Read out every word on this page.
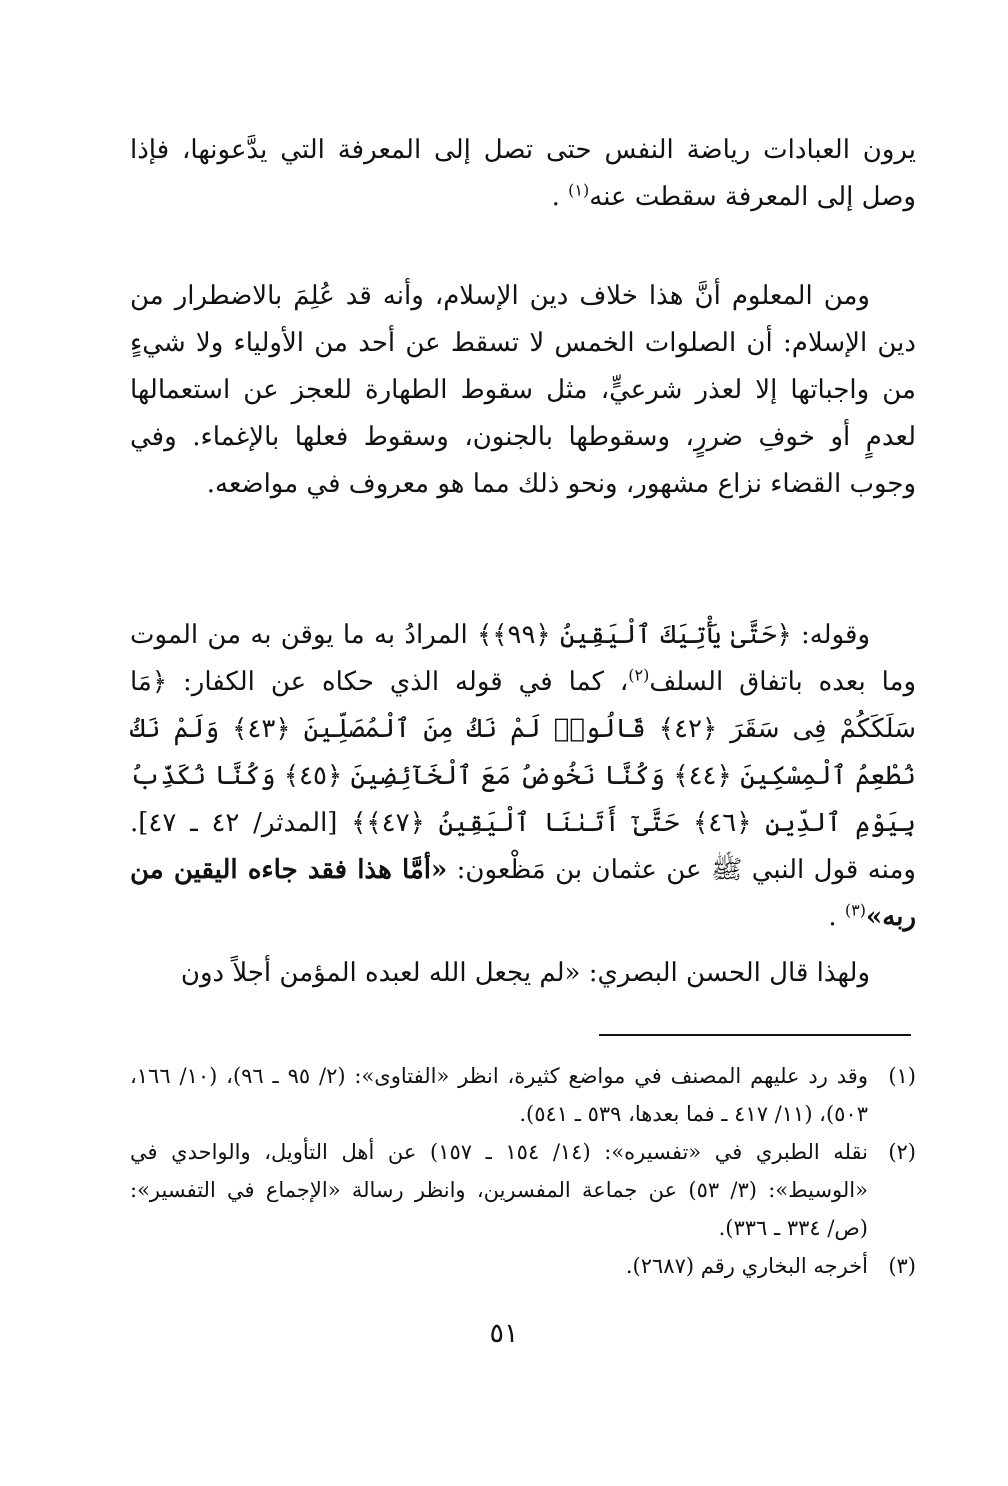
يرون العبادات رياضة النفس حتى تصل إلى المعرفة التي يدَّعونها، فإذا وصل إلى المعرفة سقطت عنه$^{(١)}$ .
ومن المعلوم أنَّ هذا خلاف دين الإسلام، وأنه قد عُلِمَ بالاضطرار من دين الإسلام: أن الصلوات الخمس لا تسقط عن أحد من الأولياء ولا شيءٍ من واجباتها إلا لعذر شرعيٍّ، مثل سقوط الطهارة للعجز عن استعمالها لعدمٍ أو خوفِ ضررٍ، وسقوطها بالجنون، وسقوط فعلها بالإغماء. وفي وجوب القضاء نزاع مشهور، ونحو ذلك مما هو معروف في مواضعه.
وقوله: ﴿حَتَّىٰ يَأْتِيَكَ ٱلْيَقِينُ ﴿٩٩﴾﴾ المرادُ به ما يوقن به من الموت وما بعده باتفاق السلف$^{(٢)}$، كما في قوله الذي حكاه عن الكفار: ﴿مَا سَلَكَكُمْ فِى سَقَرَ ﴿٤٢﴾ قَالُوا۟ لَمْ نَكُ مِنَ ٱلْمُصَلِّينَ ﴿٤٣﴾ وَلَمْ نَكُ نُطْعِمُ ٱلْمِسْكِينَ ﴿٤٤﴾ وَكُنَّا نَخُوضُ مَعَ ٱلْخَآئِضِينَ ﴿٤٥﴾ وَكُنَّا نُكَذِّبُ بِيَوْمِ ٱلدِّينِ ﴿٤٦﴾ حَتَّىٰٓ أَتَىٰنَا ٱلْيَقِينُ ﴿٤٧﴾﴾ [المدثر/ ٤٢ ـ ٤٧]. ومنه قول النبي ﷺ عن عثمان بن مَظْعون: «أمَّا هذا فقد جاءه اليقين من ربه»$^{(٣)}$ .
ولهذا قال الحسن البصري: «لم يجعل الله لعبده المؤمن أجلاً دون
(١)
وقد رد عليهم المصنف في مواضع كثيرة، انظر «الفتاوى»: (٢/ ٩٥ ـ ٩٦)، (١٠/ ١٦٦، ٥٠٣)، (١١/ ٤١٧ ـ فما بعدها، ٥٣٩ ـ ٥٤١).
(٢)
نقله الطبري في «تفسيره»: (١٤/ ١٥٤ ـ ١٥٧) عن أهل التأويل، والواحدي في «الوسيط»: (٣/ ٥٣) عن جماعة المفسرين، وانظر رسالة «الإجماع في التفسير»: (ص/ ٣٣٤ ـ ٣٣٦).
(٣)
أخرجه البخاري رقم (٢٦٨٧).
٥١
